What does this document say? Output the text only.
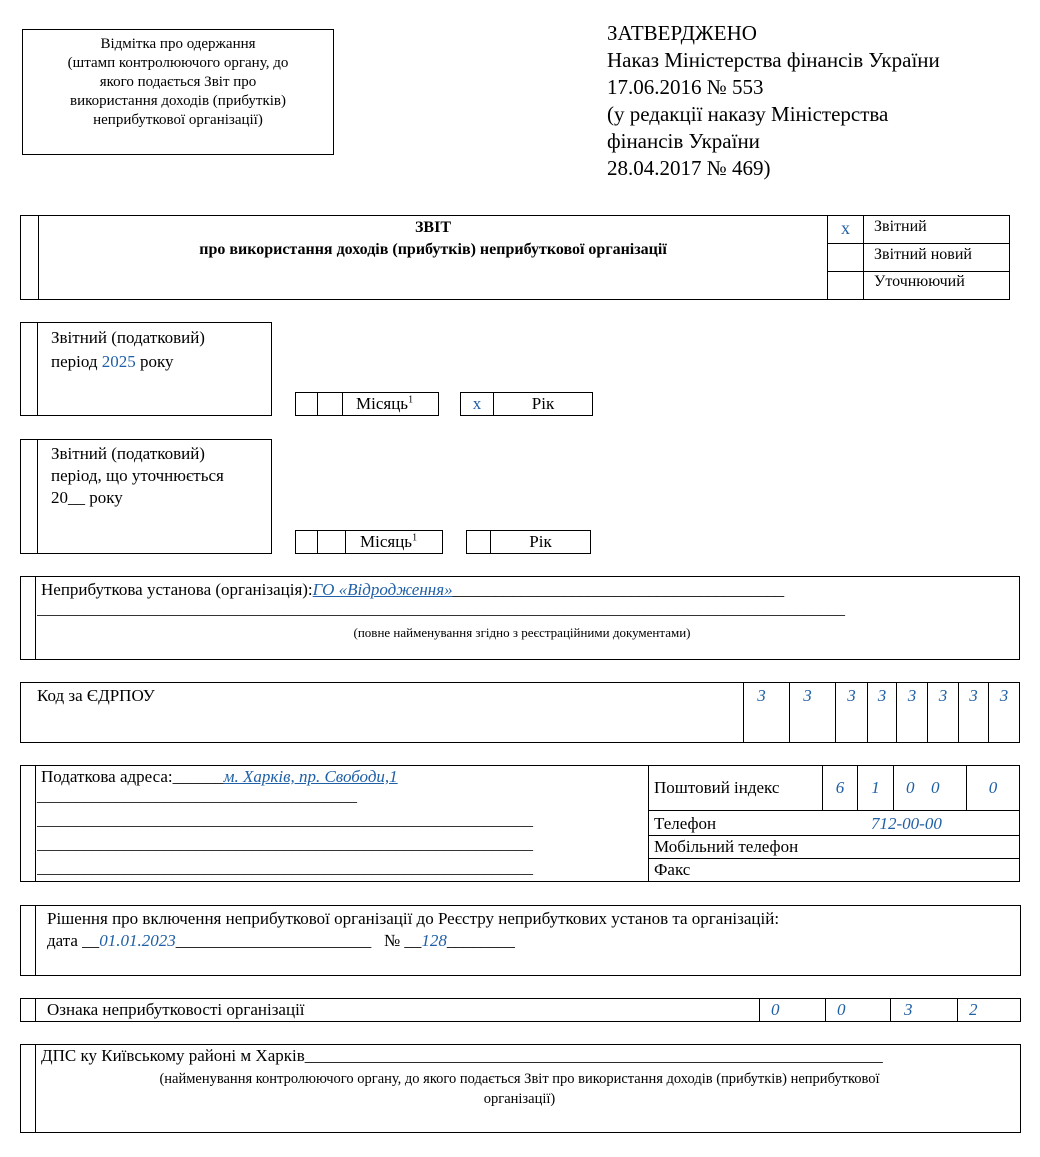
Відмітка про одержання
(штамп контролюючого органу, до
якого подається Звіт про
використання доходів (прибутків)
неприбуткової організації)
ЗАТВЕРДЖЕНО
Наказ Міністерства фінансів України
17.06.2016 № 553
(у редакції наказу Міністерства
фінансів України
28.04.2017 № 469)
ЗВІТ
про використання доходів (прибутків) неприбуткової організації
х	Звітний
Звітний новий
Уточнюючий
Звітний (податковий)
період 2025 року
Місяць$^1$	х	Рік
Звітний (податковий)
період, що уточнюється
20__ року
Місяць$^1$	Рік
Неприбуткова установа (організація):ГО «Відродження»_______________________________________
_____________________________________________________________________________________________________
(повне найменування згідно з реєстраційними документами)
Код за ЄДРПОУ	3	3	3	3	3	3	3	3
Податкова адреса:______м. Харків, пр. Свободи,1
________________________________________
______________________________________________________________
______________________________________________________________
______________________________________________________________
Поштовий індекс	6	1	0 0	0
Телефон	712-00-00
Мобільний телефон
Факс
Рішення про включення неприбуткової організації до Реєстру неприбуткових установ та організацій:
дата __01.01.2023_______________________ № __128________
Ознака неприбутковості організації	0	0	3	2
ДПС ку Київському районі м Харків____________________________________________________________________
(найменування контролюючого органу, до якого подається Звіт про використання доходів (прибутків) неприбуткової
організації)
